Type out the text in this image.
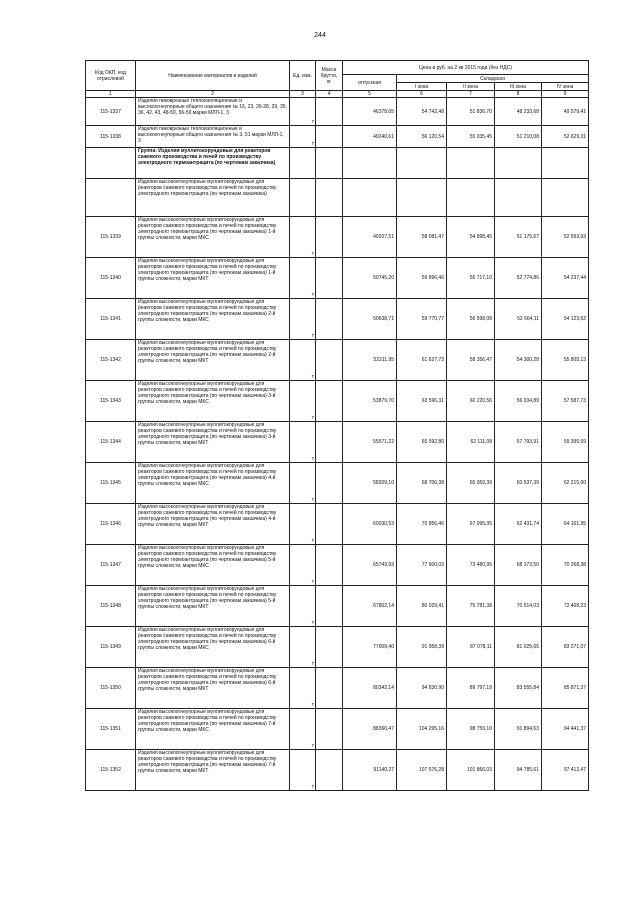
244
Код ОКП, код отраслевой	Наименование материалов и изделий	Ед. изм.	Масса брутто, кг	Цена в руб. на 2 кв 2015 года (без НДС)				
				отпускная	Складская			
					I зона	II зона	III зона	IV зона
1	2	3	4	5	6	7	8	9
115-1337	Изделия пиковрезные теплоизоляционные и высокоогнеупорные общего назначения № 16, 23, 26-28, 29, 35, 36, 42, 43, 48-50, 56-59 марки МЛЛ-1, 3	т		46378,65	54 742,48	51 836,70	48 233,68	49 579,41
115-1338	Изделия пиковрезные теплоизоляционные и высокоогнеупорные общего назначения № 3, 51 марки МЛЛ-1, 3	т		49240,61	56 120,54	55 035,45	51 210,08	52 629,31
	Группа: Изделия муллитокорундовые для реакторов сажевого производства и печей по производству электродного термоантрацита (по чертежам заказчика)							
	Изделия высокоогнеупорные муллитокорундовые для реакторов сажевого производства и печей по производству электродного термоантрацита (по чертежам заказчика)							
115-1339	Изделия высокоогнеупорные муллитокорундовые для реакторов сажевого производства и печей по производству электродного термоантрацита (по чертежам заказчика) 1-й группы сложности, марки МКС	т		49207,51	58 081,47	54 998,45	51 175,67	52 593,93
115-1340	Изделия высокоогнеупорные муллитокорундовые для реакторов сажевого производства и печей по производству электродного термоантрацита (по чертежам заказчика) 1-й группы сложности, марки МКТ	т		50745,20	59 896,46	56 717,10	52 774,86	54 237,44
115-1341	Изделия высокоогнеупорные муллитокорундовые для реакторов сажевого производства и печей по производству электродного термоантрацита (по чертежам заказчика) 2-й группы сложности, марки МКС	т		50638,71	59 770,77	56 598,08	52 664,11	54 123,62
115-1342	Изделия высокоогнеупорные муллитокорундовые для реакторов сажевого производства и печей по производству электродного термоантрацита (по чертежам заказчика) 2-й группы сложности, марки МКТ	т		52211,95	61 627,73	58 356,47	54 300,28	55 805,13
115-1343	Изделия высокоогнеупорные муллитокорундовые для реакторов сажевого производства и печей по производству электродного термоантрацита (по чертежам заказчика) 3-й группы сложности, марки МКС	т		53879,70	63 596,31	60 220,56	56 034,89	57 587,73
115-1344	Изделия высокоогнеупорные муллитокорундовые для реакторов сажевого производства и печей по производству электродного термоантрацита (по чертежам заказчика) 3-й группы сложности, марки МКТ	т		55571,22	65 592,80	62 111,08	57 793,91	59 395,69
115-1345	Изделия высокоогнеупорные муллитокорундовые для реакторов сажевого производства и печей по производству электродного термоантрацита (по чертежам заказчика) 4-й группы сложности, марки МКС	т		58209,10	68 706,38	65 059,39	60 537,39	62 215,00
115-1346	Изделия высокоогнеупорные муллитокорундовые для реакторов сажевого производства и печей по производству электродного термоантрацита (по чертежам заказчика) 4-й группы сложности, марки МКТ	т		60030,53	70 856,46	67 095,35	62 431,74	64 161,95
115-1347	Изделия высокоогнеупорные муллитокорундовые для реакторов сажевого производства и печей по производству электродного термоантрацита (по чертежам заказчика) 5-й группы сложности, марки МКС	т		65743,93	77 600,03	73 480,95	68 373,50	70 268,38
115-1348	Изделия высокоогнеупорные муллитокорундовые для реакторов сажевого производства и печей по производству электродного термоантрацита (по чертежам заказчика) 5-й группы сложности, марки МКТ	т		67802,14	80 029,41	75 781,38	70 514,03	72 468,23
115-1349	Изделия высокоогнеупорные муллитокорундовые для реакторов сажевого производства и печей по производству электродного термоантрацита (по чертежам заказчика) 6-й группы сложности, марки МКС	т		77909,40	91 958,39	87 078,11	81 025,65	83 271,07
115-1350	Изделия высокоогнеупорные муллитокорундовые для реакторов сажевого производства и печей по производству электродного термоантрацита (по чертежам заказчика) 6-й группы сложности, марки МКТ	т		80342,14	94 830,90	89 797,19	83 555,84	85 871,37
115-1351	Изделия высокоогнеупорные муллитокорундовые для реакторов сажевого производства и печей по производству электродного термоантрацита (по чертежам заказчика) 7-й группы сложности, марки МКС	т		88360,47	104 295,16	98 759,10	91 894,63	94 441,37
115-1352	Изделия высокоогнеупорные муллитокорундовые для реакторов сажевого производства и печей по производству электродного термоантрацита (по чертежам заказчика) 7-й группы сложности, марки МКТ	т		91140,27	107 576,28	101 866,03	94 785,61	97 412,47
